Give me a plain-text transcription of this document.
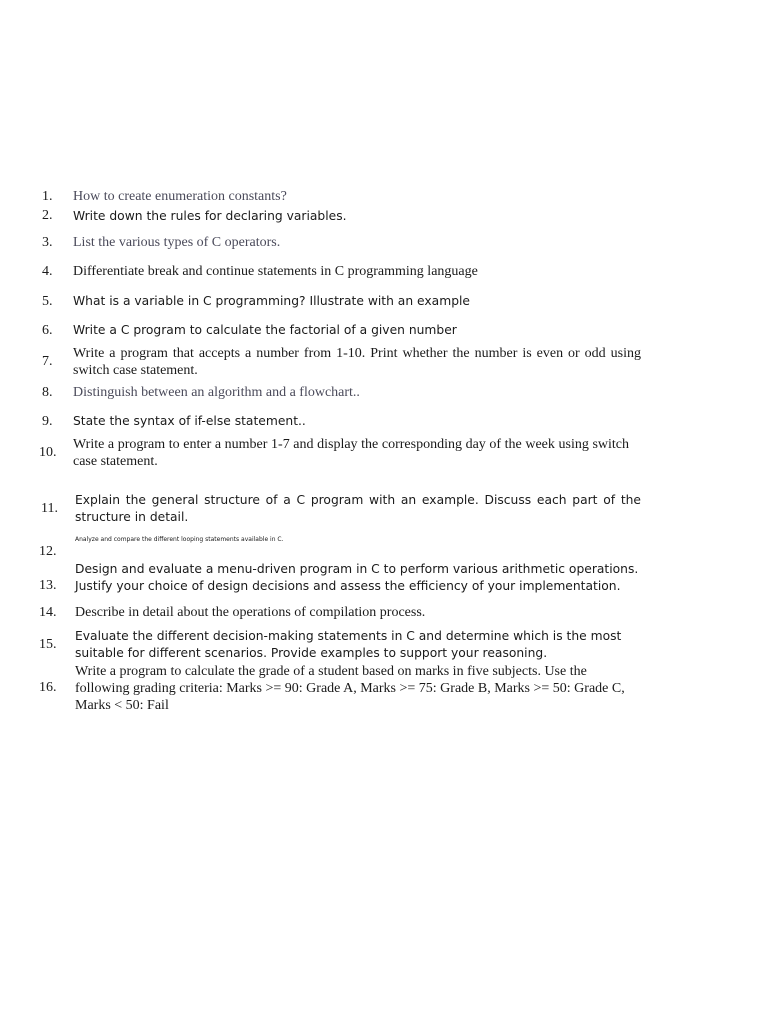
1. How to create enumeration constants?
2. Write down the rules for declaring variables.
3. List the various types of C operators.
4. Differentiate break and continue statements in C programming language
5. What is a variable in C programming? Illustrate with an example
6. Write a C program to calculate the factorial of a given number
7.
Write a program that accepts a number from 1-10. Print whether the number is even or odd using switch case statement.
8. Distinguish between an algorithm and a flowchart..
9. State the syntax of if-else statement..
10.
Write a program to enter a number 1-7 and display the corresponding day of the week using switch case statement.
11.
Explain the general structure of a C program with an example. Discuss each part of the structure in detail.
12.
Analyze and compare the different looping statements available in C.
13.
Design and evaluate a menu-driven program in C to perform various arithmetic operations. Justify your choice of design decisions and assess the efficiency of your implementation.
14. Describe in detail about the operations of compilation process.
15.
Evaluate the different decision-making statements in C and determine which is the most suitable for different scenarios. Provide examples to support your reasoning.
16.
Write a program to calculate the grade of a student based on marks in five subjects. Use the following grading criteria: Marks >= 90: Grade A, Marks >= 75: Grade B, Marks >= 50: Grade C, Marks < 50: Fail
